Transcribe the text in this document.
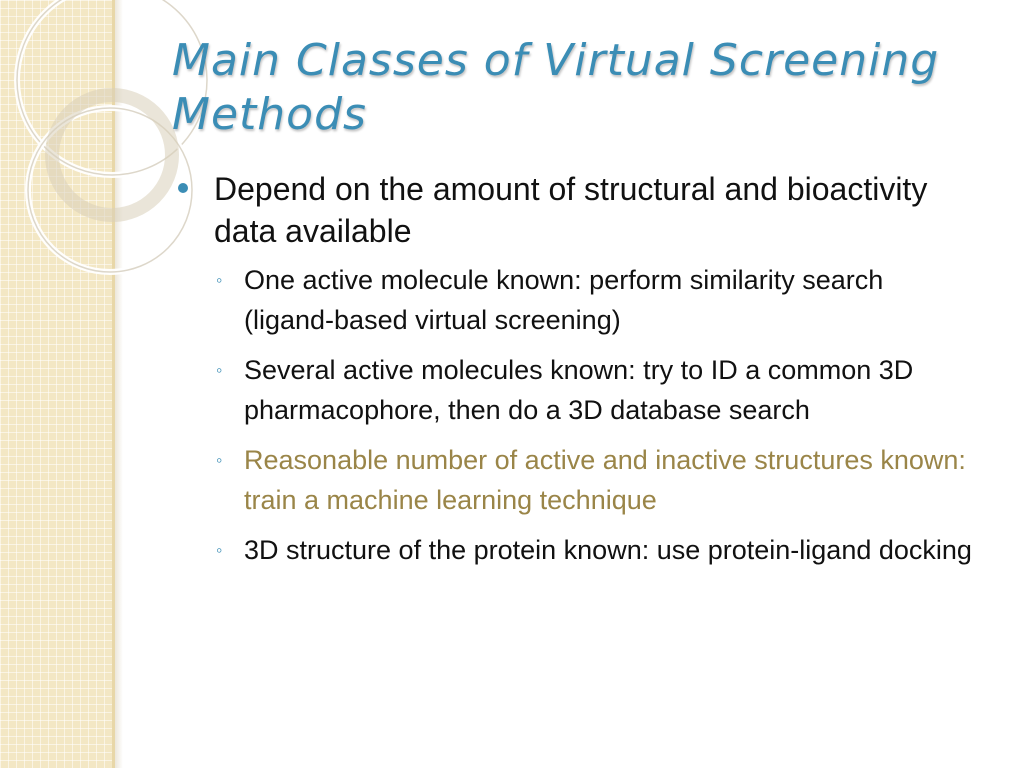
Main Classes of Virtual Screening Methods
Depend on the amount of structural and bioactivity data available
◦ One active molecule known: perform similarity search (ligand-based virtual screening)
◦ Several active molecules known: try to ID a common 3D pharmacophore, then do a 3D database search
◦ Reasonable number of active and inactive structures known: train a machine learning technique
◦ 3D structure of the protein known: use protein-ligand docking
